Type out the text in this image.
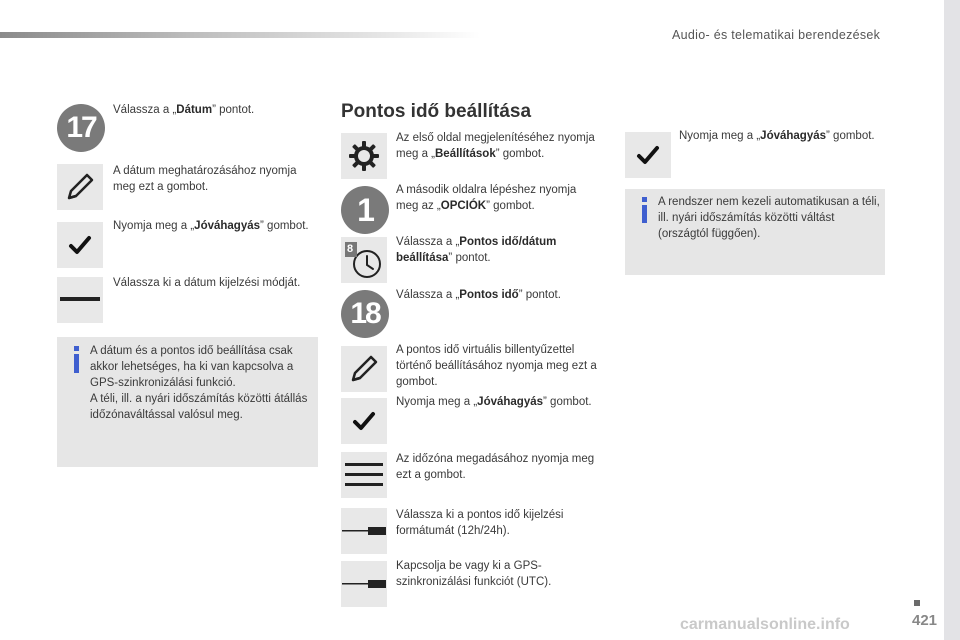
Audio- és telematikai berendezések
17
Válassza a „Dátum” pontot.
A dátum meghatározásához nyomja meg ezt a gombot.
Nyomja meg a „Jóváhagyás” gombot.
Válassza ki a dátum kijelzési módját.
A dátum és a pontos idő beállítása csak akkor lehetséges, ha ki van kapcsolva a GPS-szinkronizálási funkció.
A téli, ill. a nyári időszámítás közötti átállás időzónaváltással valósul meg.
Pontos idő beállítása
Az első oldal megjelenítéséhez nyomja meg a „Beállítások” gombot.
1
A második oldalra lépéshez nyomja meg az „OPCIÓK” gombot.
8
Válassza a „Pontos idő/dátum beállítása” pontot.
18
Válassza a „Pontos idő” pontot.
A pontos idő virtuális billentyűzettel történő beállításához nyomja meg ezt a gombot.
Nyomja meg a „Jóváhagyás” gombot.
Az időzóna megadásához nyomja meg ezt a gombot.
Válassza ki a pontos idő kijelzési formátumát (12h/24h).
Kapcsolja be vagy ki a GPS-szinkronizálási funkciót (UTC).
Nyomja meg a „Jóváhagyás” gombot.
A rendszer nem kezeli automatikusan a téli, ill. nyári időszámítás közötti váltást (országtól függően).
carmanualsonline.info	421
